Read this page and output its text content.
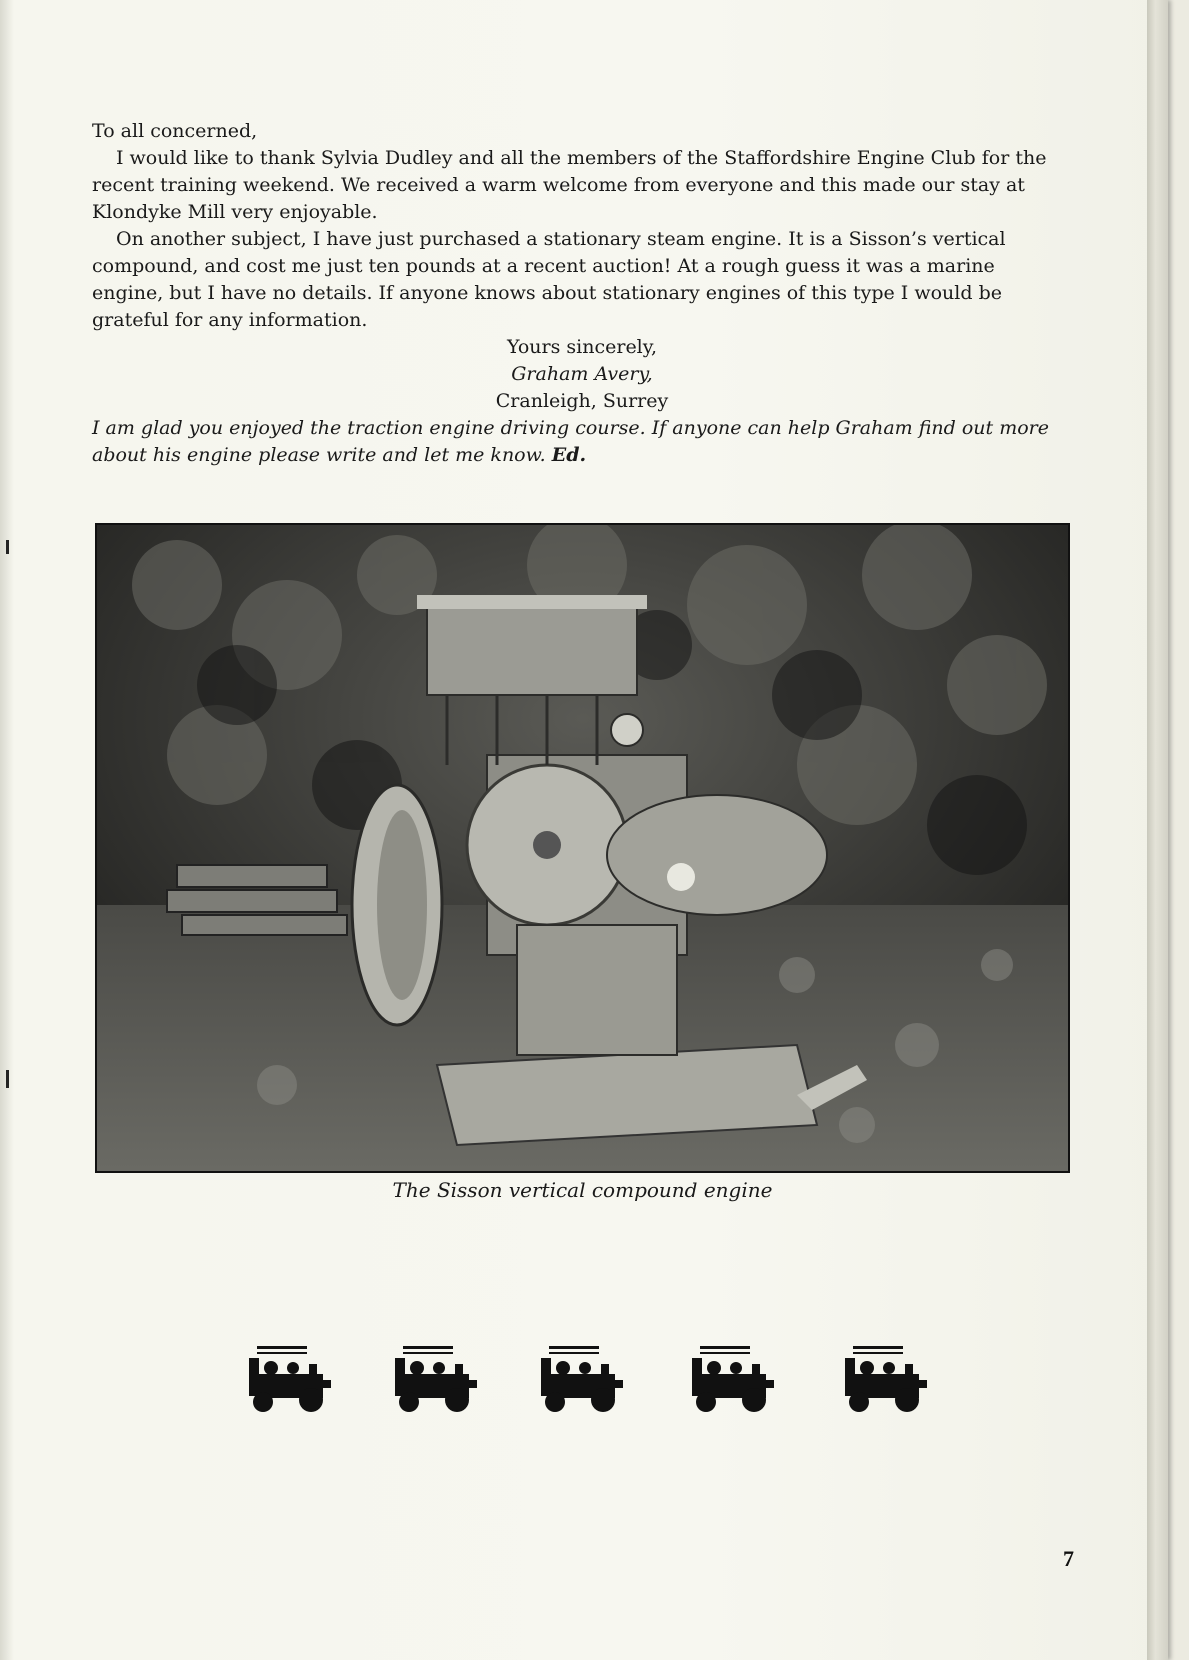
To all concerned,

I would like to thank Sylvia Dudley and all the members of the Staffordshire Engine Club for the recent training weekend. We received a warm welcome from everyone and this made our stay at Klondyke Mill very enjoyable.

On another subject, I have just purchased a stationary steam engine. It is a Sisson’s vertical compound, and cost me just ten pounds at a recent auction! At a rough guess it was a marine engine, but I have no details. If anyone knows about stationary engines of this type I would be grateful for any information.

Yours sincerely,
Graham Avery,
Cranleigh, Surrey

I am glad you enjoyed the traction engine driving course. If anyone can help Graham find out more about his engine please write and let me know. Ed.

The Sisson vertical compound engine
7
